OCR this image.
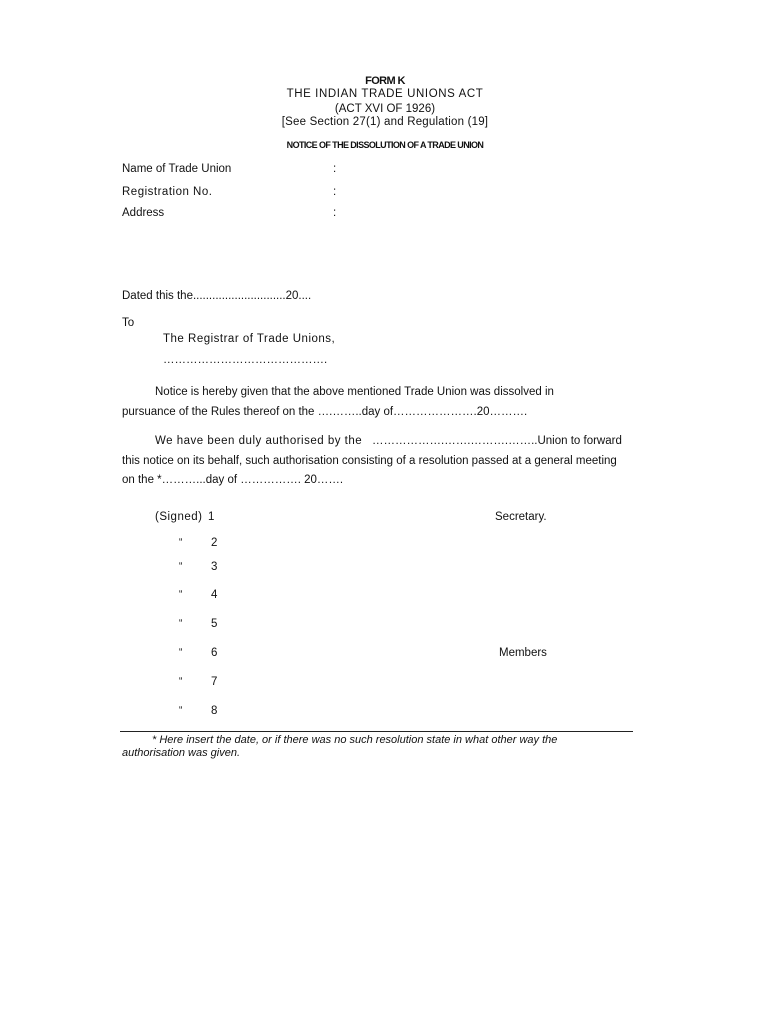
FORM K
THE INDIAN TRADE UNIONS ACT
(ACT XVI OF 1926)
[See Section 27(1) and Regulation (19]
NOTICE OF THE DISSOLUTION OF A TRADE UNION
Name of Trade Union	:
Registration No.	:
Address	:
Dated this the.............................20....
To
The Registrar of Trade Unions,
…………………………………….
Notice is hereby given that the above mentioned Trade Union was dissolved in
pursuance of the Rules thereof on the ….……..day of………………….20……….
We have been duly authorised by the ……………….…….……….……..Union to forward
this notice on its behalf, such authorisation consisting of a resolution passed at a general meeting
on the *………...day of ……………. 20…….
(Signed) 1	Secretary.
“ 2
“ 3
“ 4
“ 5
“ 6	Members
“ 7
“ 8
* Here insert the date, or if there was no such resolution state in what other way the
authorisation was given.
